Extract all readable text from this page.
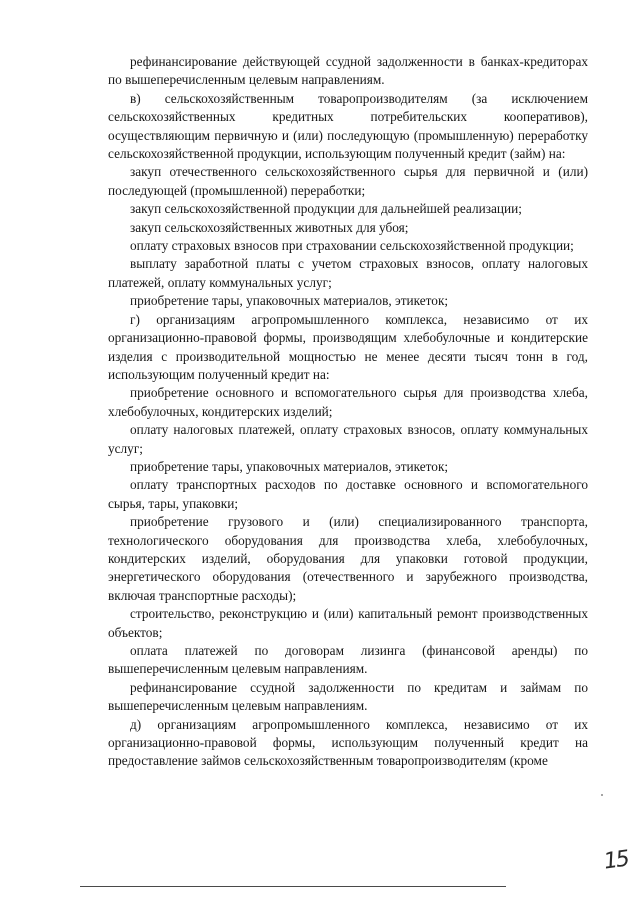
рефинансирование действующей ссудной задолженности в банках-кредиторах по вышеперечисленным целевым направлениям.

в) сельскохозяйственным товаропроизводителям (за исключением сельскохозяйственных кредитных потребительских кооперативов), осуществляющим первичную и (или) последующую (промышленную) переработку сельскохозяйственной продукции, использующим полученный кредит (займ) на:

закуп отечественного сельскохозяйственного сырья для первичной и (или) последующей (промышленной) переработки;

закуп сельскохозяйственной продукции для дальнейшей реализации;

закуп сельскохозяйственных животных для убоя;

оплату страховых взносов при страховании сельскохозяйственной продукции;

выплату заработной платы с учетом страховых взносов, оплату налоговых платежей, оплату коммунальных услуг;

приобретение тары, упаковочных материалов, этикеток;

г) организациям агропромышленного комплекса, независимо от их организационно-правовой формы, производящим хлебобулочные и кондитерские изделия с производительной мощностью не менее десяти тысяч тонн в год, использующим полученный кредит на:

приобретение основного и вспомогательного сырья для производства хлеба, хлебобулочных, кондитерских изделий;

оплату налоговых платежей, оплату страховых взносов, оплату коммунальных услуг;

приобретение тары, упаковочных материалов, этикеток;

оплату транспортных расходов по доставке основного и вспомогательного сырья, тары, упаковки;

приобретение грузового и (или) специализированного транспорта, технологического оборудования для производства хлеба, хлебобулочных, кондитерских изделий, оборудования для упаковки готовой продукции, энергетического оборудования (отечественного и зарубежного производства, включая транспортные расходы);

строительство, реконструкцию и (или) капитальный ремонт производственных объектов;

оплата платежей по договорам лизинга (финансовой аренды) по вышеперечисленным целевым направлениям.

рефинансирование ссудной задолженности по кредитам и займам по вышеперечисленным целевым направлениям.

д) организациям агропромышленного комплекса, независимо от их организационно-правовой формы, использующим полученный кредит на предоставление займов сельскохозяйственным товаропроизводителям (кроме

15
